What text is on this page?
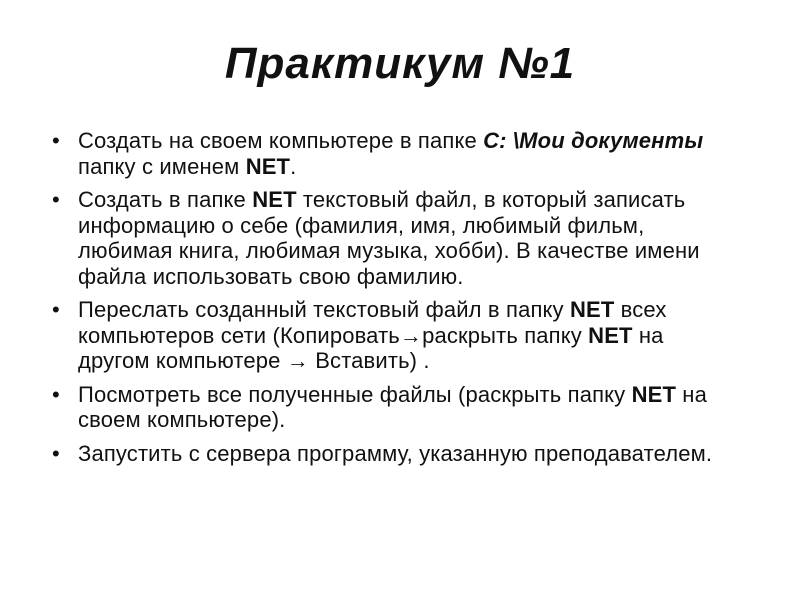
Практикум №1
• Создать на своем компьютере в папке С: \Мои документы папку с именем NET.
• Создать в папке NET текстовый файл, в который записать информацию о себе (фамилия, имя, любимый фильм, любимая книга, любимая музыка, хобби). В качестве имени файла использовать свою фамилию.
• Переслать созданный текстовый файл в папку NET всех компьютеров сети (Копировать→раскрыть папку NET на другом компьютере → Вставить) .
• Посмотреть все полученные файлы (раскрыть папку NET на своем компьютере).
• Запустить с сервера программу, указанную преподавателем.
